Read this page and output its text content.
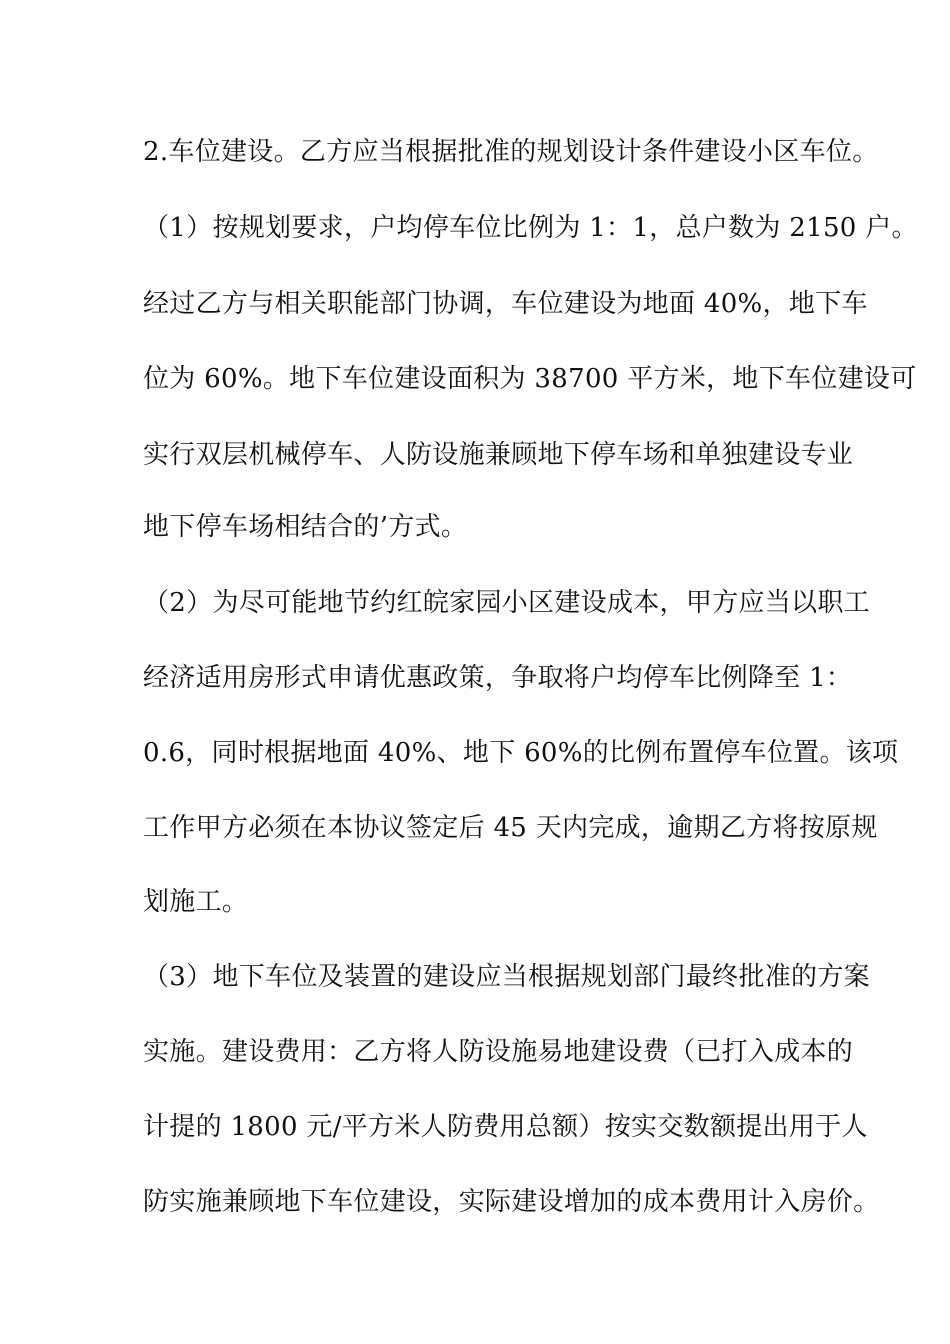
2.车位建设。乙方应当根据批准的规划设计条件建设小区车位。
（1）按规划要求，户均停车位比例为 1：1，总户数为 2150 户。
经过乙方与相关职能部门协调，车位建设为地面 40%，地下车
位为 60%。地下车位建设面积为 38700 平方米，地下车位建设可
实行双层机械停车、人防设施兼顾地下停车场和单独建设专业
地下停车场相结合的’方式。
（2）为尽可能地节约红皖家园小区建设成本，甲方应当以职工
经济适用房形式申请优惠政策，争取将户均停车比例降至 1：
0.6，同时根据地面 40%、地下 60%的比例布置停车位置。该项
工作甲方必须在本协议签定后 45 天内完成，逾期乙方将按原规
划施工。
（3）地下车位及装置的建设应当根据规划部门最终批准的方案
实施。建设费用：乙方将人防设施易地建设费（已打入成本的
计提的 1800 元/平方米人防费用总额）按实交数额提出用于人
防实施兼顾地下车位建设，实际建设增加的成本费用计入房价。
